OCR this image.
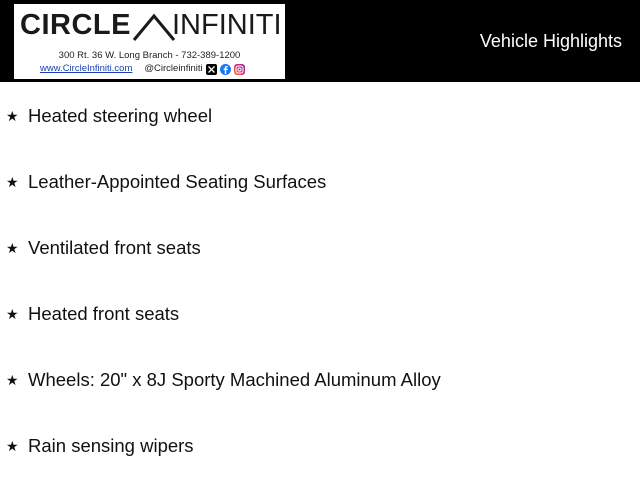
CIRCLE INFINITI
300 Rt. 36 W. Long Branch - 732-389-1200
www.CircleInfiniti.com @Circleinfiniti
Vehicle Highlights
★ Heated steering wheel
★ Leather-Appointed Seating Surfaces
★ Ventilated front seats
★ Heated front seats
★ Wheels: 20" x 8J Sporty Machined Aluminum Alloy
★ Rain sensing wipers
